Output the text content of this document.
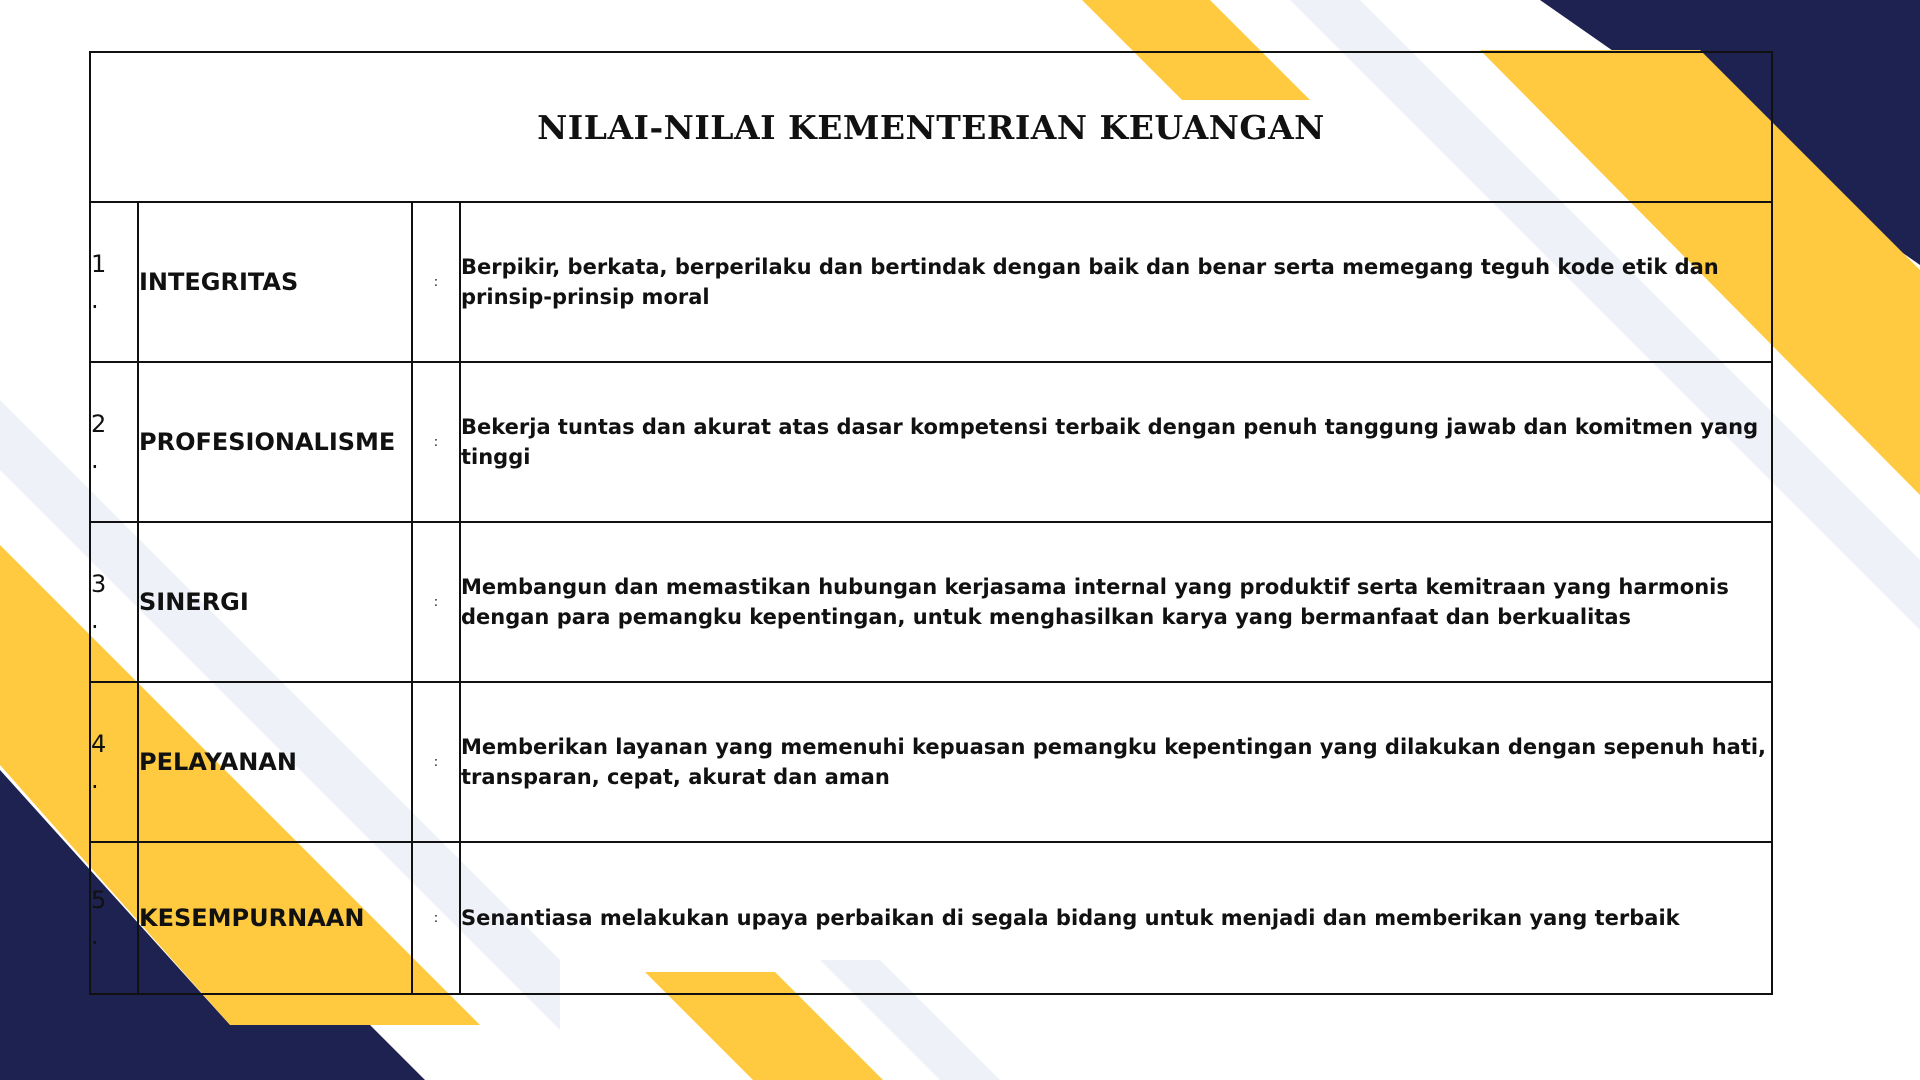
NILAI-NILAI KEMENTERIAN KEUANGAN			

1
.	INTEGRITAS	:	Berpikir, berkata, berperilaku dan bertindak dengan baik dan benar serta memegang teguh kode etik dan prinsip-prinsip moral

2
.	PROFESIONALISME	:	Bekerja tuntas dan akurat atas dasar kompetensi terbaik dengan penuh tanggung jawab dan komitmen yang tinggi

3
.	SINERGI	:	Membangun dan memastikan hubungan kerjasama internal yang produktif serta kemitraan yang harmonis dengan para pemangku kepentingan, untuk menghasilkan karya yang bermanfaat dan berkualitas

4
.	PELAYANAN	:	Memberikan layanan yang memenuhi kepuasan pemangku kepentingan yang dilakukan dengan sepenuh hati, transparan, cepat, akurat dan aman

5
.	KESEMPURNAAN	:	Senantiasa melakukan upaya perbaikan di segala bidang untuk menjadi dan memberikan yang terbaik
